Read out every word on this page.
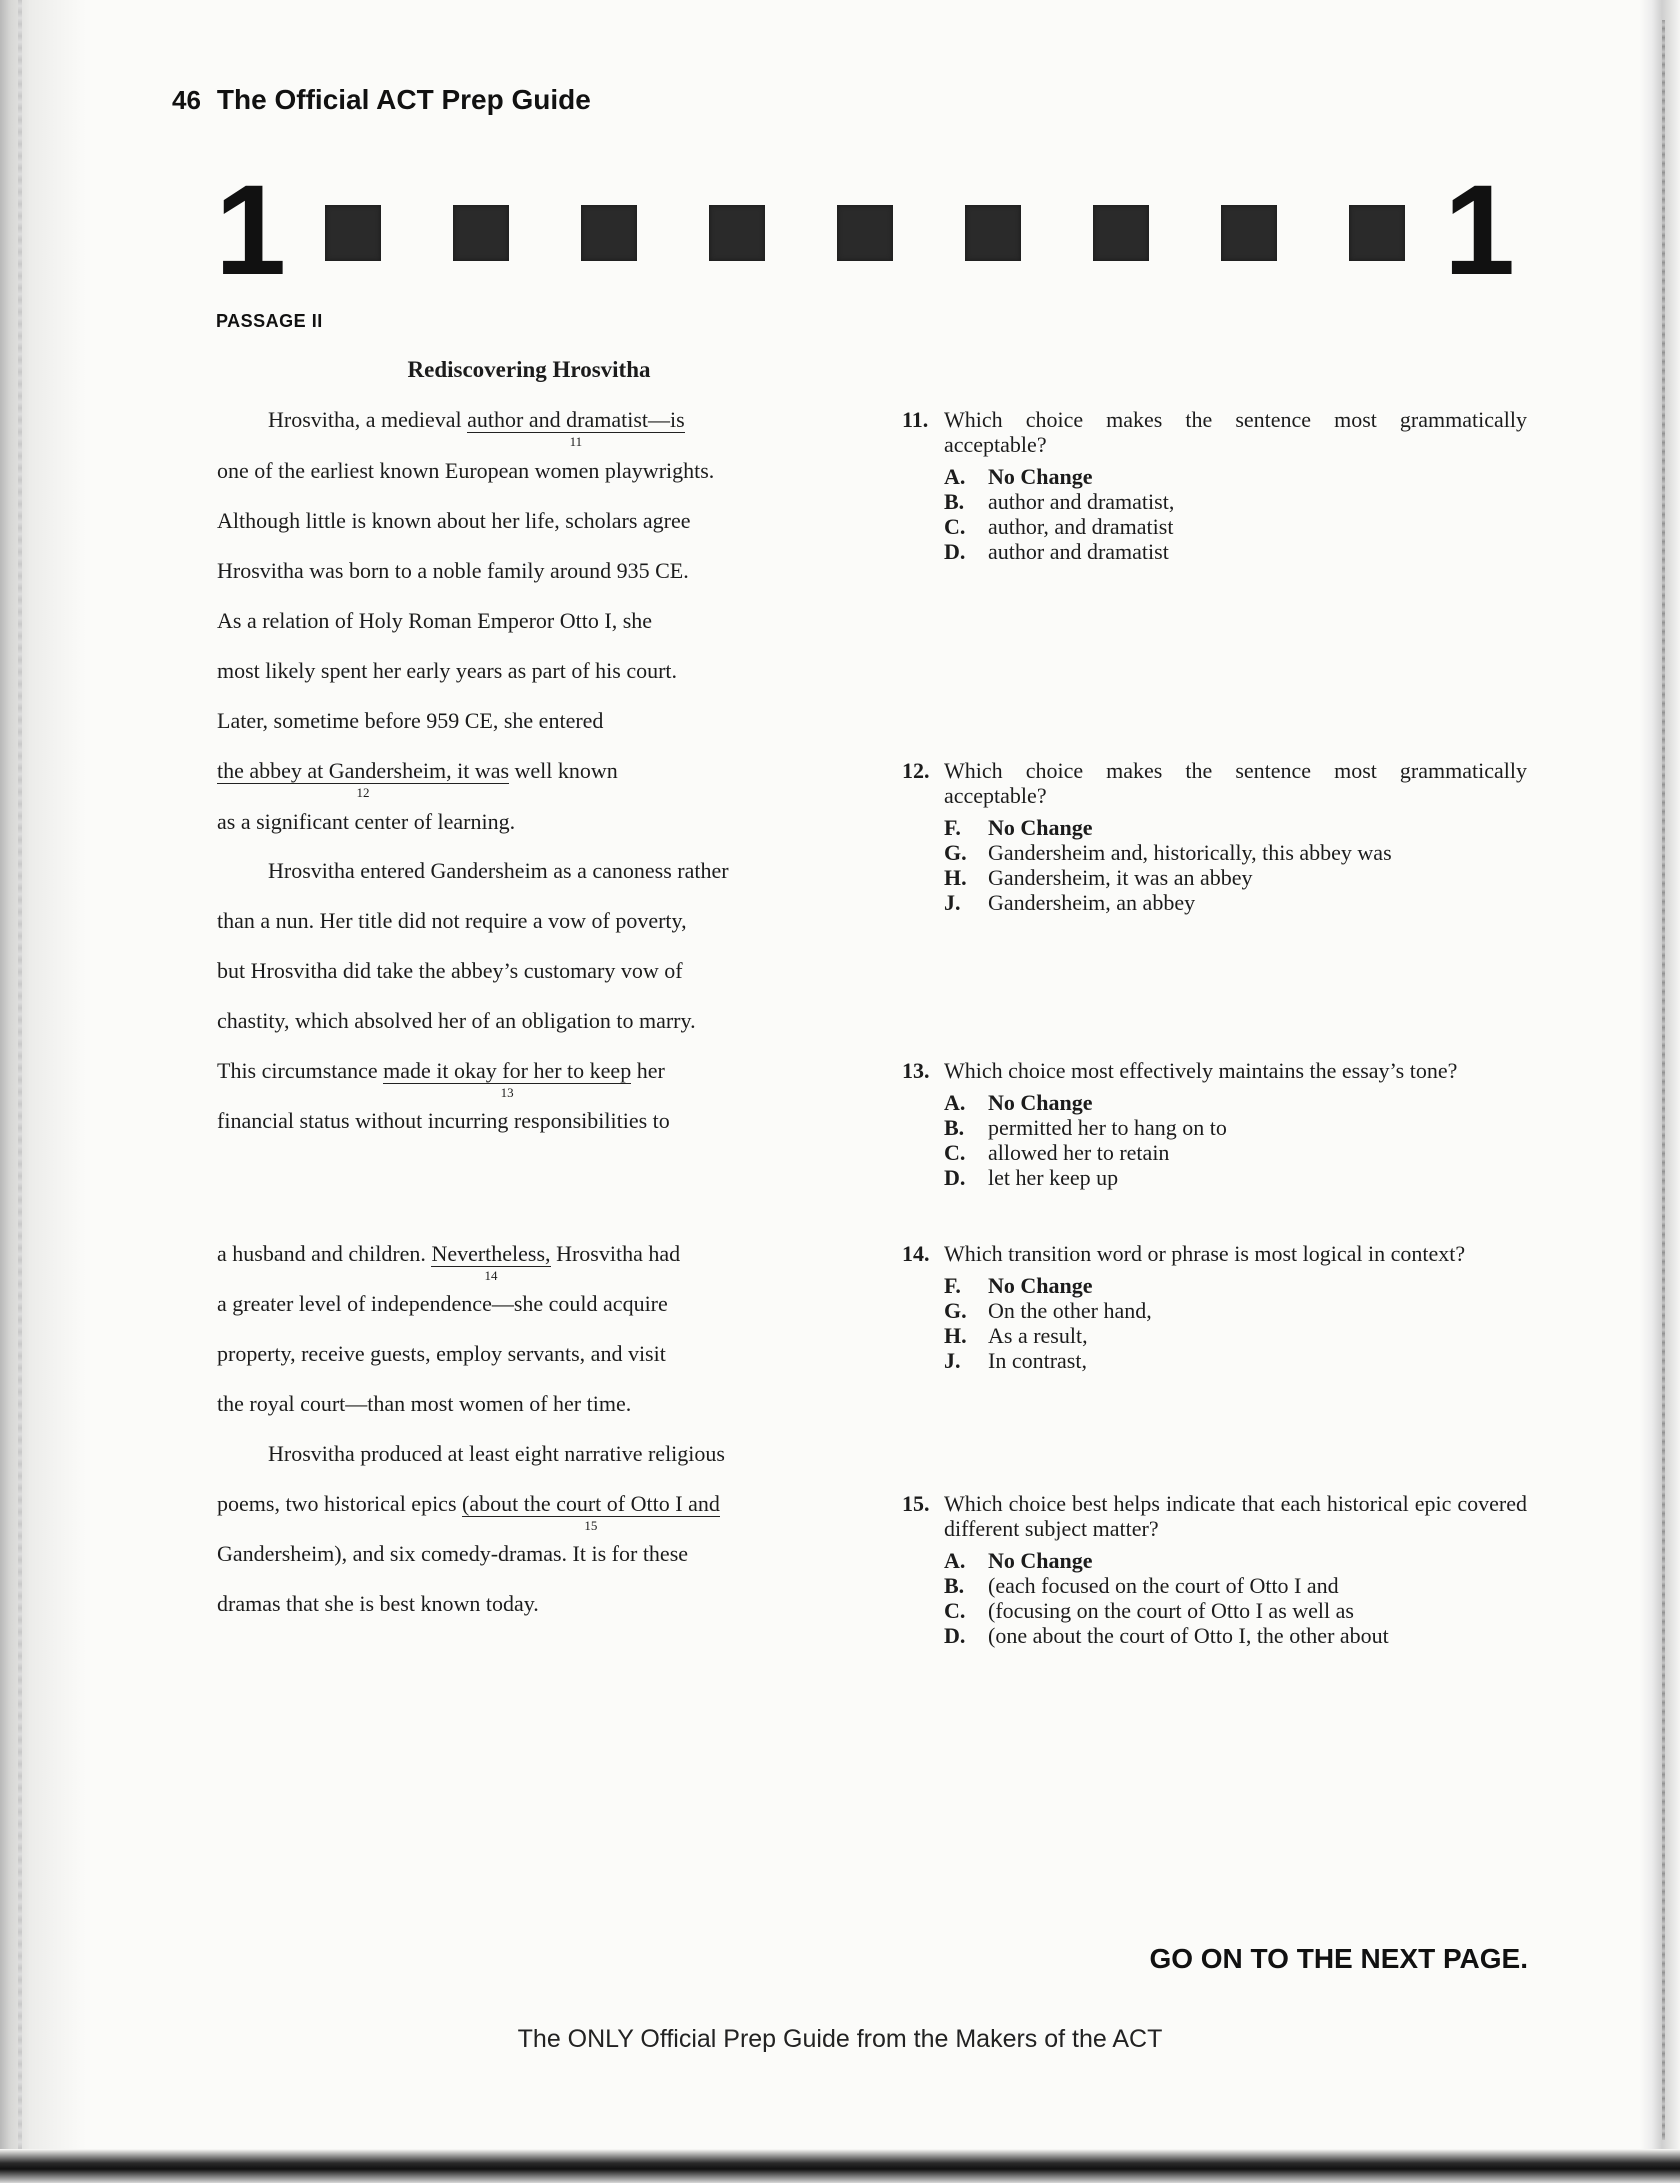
46 The Official ACT Prep Guide
1	1
PASSAGE II
Rediscovering Hrosvitha
Hrosvitha, a medieval author and dramatist—is
11
one of the earliest known European women playwrights.
Although little is known about her life, scholars agree
Hrosvitha was born to a noble family around 935 CE.
As a relation of Holy Roman Emperor Otto I, she
most likely spent her early years as part of his court.
Later, sometime before 959 CE, she entered
the abbey at Gandersheim, it was
12
well known
as a significant center of learning.
Hrosvitha entered Gandersheim as a canoness rather
than a nun. Her title did not require a vow of poverty,
but Hrosvitha did take the abbey’s customary vow of
chastity, which absolved her of an obligation to marry.
This circumstance made it okay for her to keep
13
her
financial status without incurring responsibilities to
a husband and children. Nevertheless,
14
Hrosvitha had
a greater level of independence—she could acquire
property, receive guests, employ servants, and visit
the royal court—than most women of her time.
Hrosvitha produced at least eight narrative religious
poems, two historical epics (about the court of Otto I and
15
Gandersheim), and six comedy-dramas. It is for these
dramas that she is best known today.
11. Which choice makes the sentence most grammatically acceptable?
A.	No Change
B.	author and dramatist,
C.	author, and dramatist
D.	author and dramatist
12. Which choice makes the sentence most grammatically acceptable?
F.	No Change
G. Gandersheim and, historically, this abbey was
H. Gandersheim, it was an abbey
J.	Gandersheim, an abbey
13. Which choice most effectively maintains the essay’s tone?
A.	No Change
B.	permitted her to hang on to
C.	allowed her to retain
D.	let her keep up
14. Which transition word or phrase is most logical in context?
F.	No Change
G. On the other hand,
H. As a result,
J.	In contrast,
15. Which choice best helps indicate that each historical epic covered different subject matter?
A.	No Change
B.	(each focused on the court of Otto I and
C.	(focusing on the court of Otto I as well as
D.	(one about the court of Otto I, the other about
GO ON TO THE NEXT PAGE.
The ONLY Official Prep Guide from the Makers of the ACT
